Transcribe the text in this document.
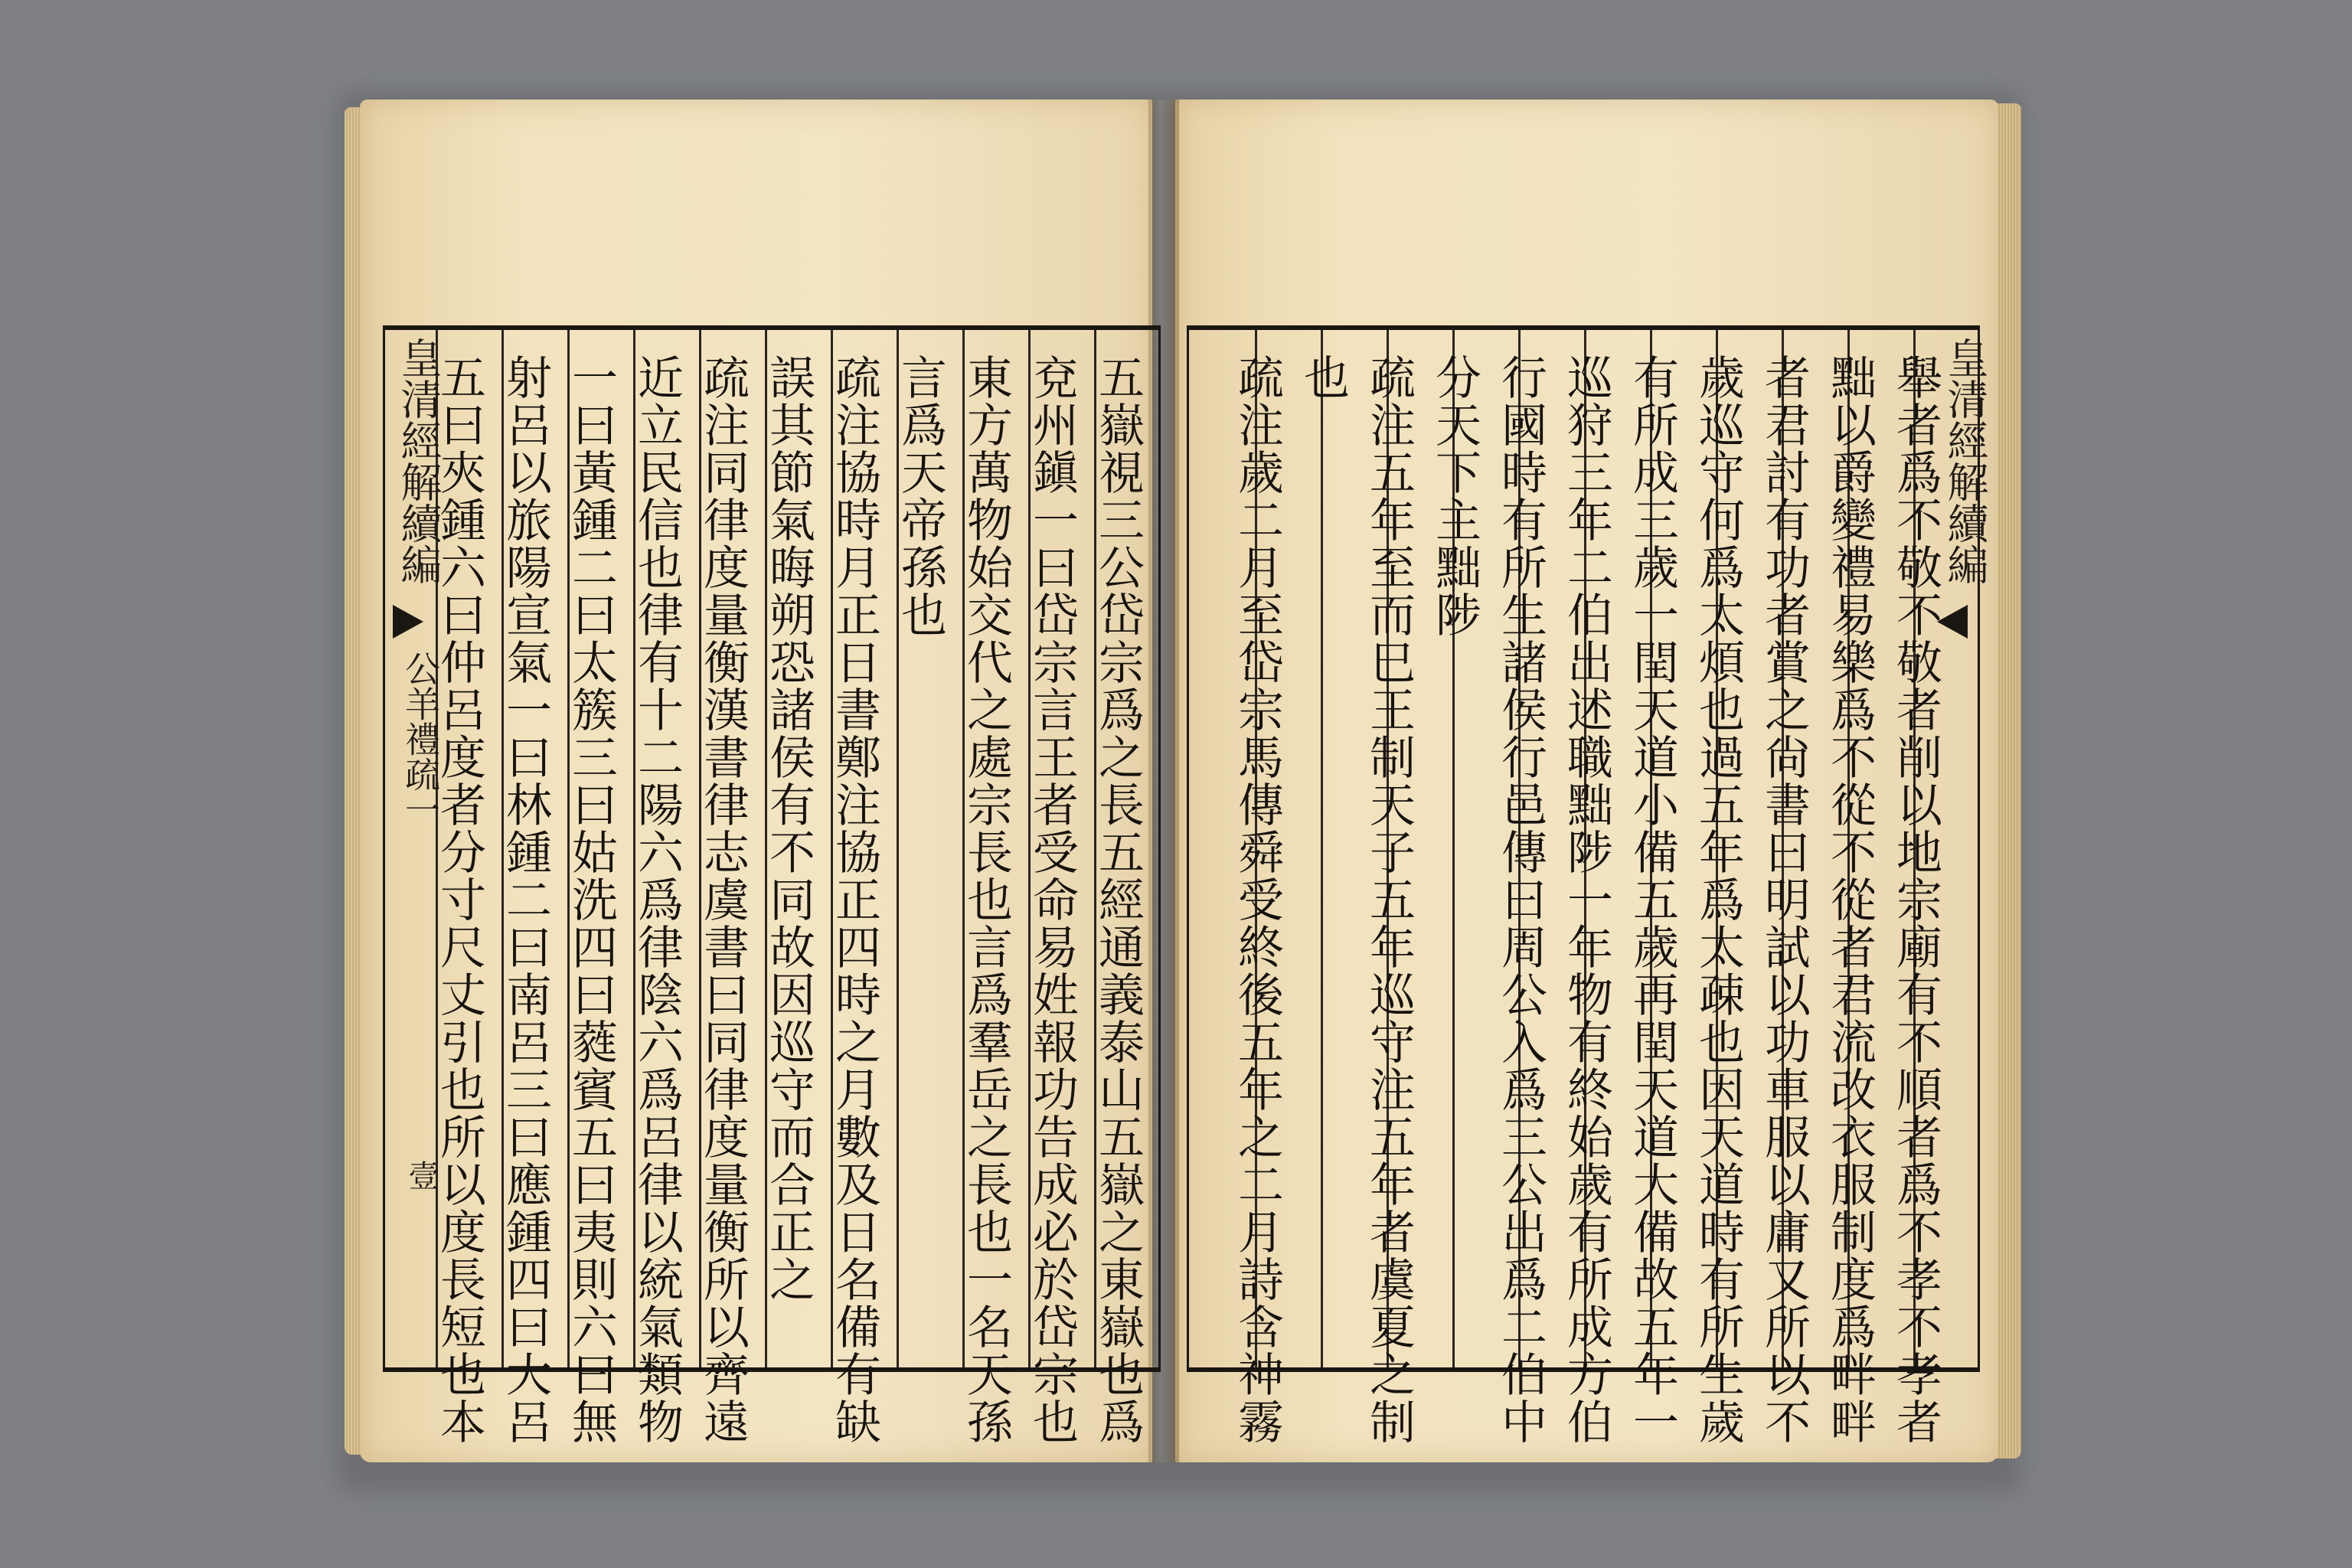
皇清經解續編
公羊禮疏一
壹	五嶽視三公岱宗爲之長五經通義泰山五嶽之東嶽也爲
兗州鎭一曰岱宗言王者受命易姓報功告成必於岱宗也
東方萬物始交代之處宗長也言爲羣岳之長也一名天孫
言爲天帝孫也
疏注協時月正日書鄭注協正四時之月數及日名備有缺
誤其節氣晦朔恐諸侯有不同故因巡守而合正之
疏注同律度量衡漢書律志虞書曰同律度量衡所以齊遠
近立民信也律有十二陽六爲律陰六爲呂律以統氣類物
一曰黃鍾二曰太簇三曰姑洗四曰蕤賓五曰夷則六曰無
射呂以旅陽宣氣一曰林鍾二曰南呂三曰應鍾四曰大呂
五曰夾鍾六曰仲呂度者分寸尺丈引也所以度長短也本	皇清經解續編
舉者爲不敬不敬者削以地宗廟有不順者爲不孝不孝者
黜以爵變禮易樂爲不從不從者君流改衣服制度爲畔畔
者君討有功者賞之尙書曰明試以功車服以庸又所以不
歲巡守何爲太煩也過五年爲太疎也因天道時有所生歲
有所成三歲一閏天道小備五歲再閏天道大備故五年一
巡狩三年二伯出述職黜陟一年物有終始歲有所成方伯
行國時有所生諸侯行邑傳曰周公入爲三公出爲二伯中
分天下主黜陟
疏注五年至而巳王制天子五年巡守注五年者虞夏之制
也
疏注歲二月至岱宗馬傳舜受終後五年之二月詩含神霧
